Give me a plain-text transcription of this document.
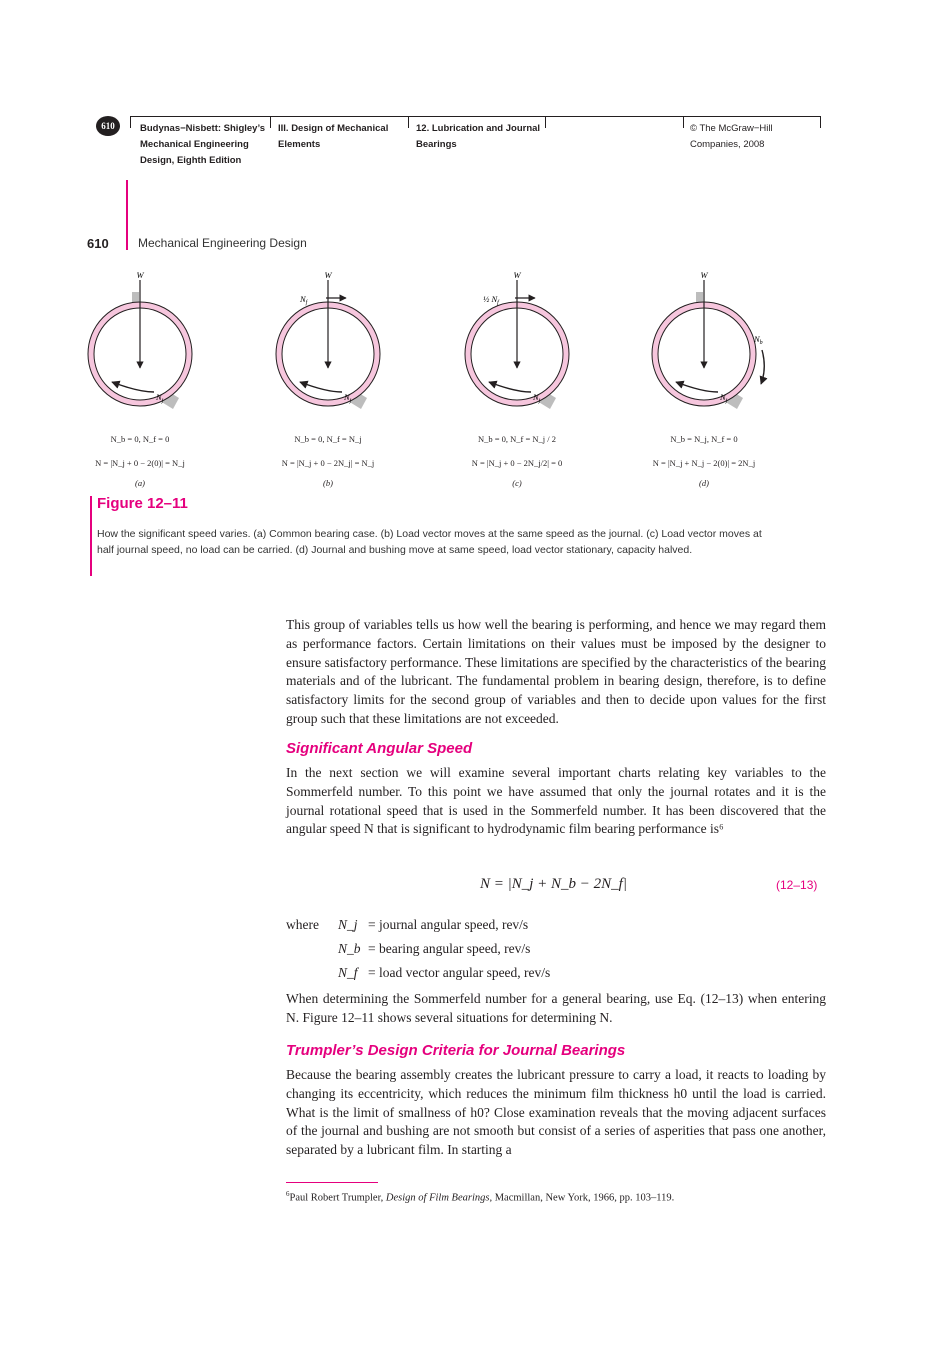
610	Budynas−Nisbett: Shigley’s
Mechanical Engineering
Design, Eighth Edition
III. Design of Mechanical
Elements
12. Lubrication and Journal
Bearings
© The McGraw−Hill
Companies, 2008
610 Mechanical Engineering Design
W
$N_j$
W
$N_f$
$N_j$
W
½ $N_f$
$N_j$
W
$N_b$
$N_j$
N_b = 0, N_f = 0
N = |N_j + 0 − 2(0)| = N_j
(a)
N_b = 0, N_f = N_j
N = |N_j + 0 − 2N_j| = N_j
(b)
N_b = 0, N_f = N_j / 2
N = |N_j + 0 − 2N_j/2| = 0
(c)
N_b = N_j, N_f = 0
N = |N_j + N_j − 2(0)| = 2N_j
(d)
Figure 12–11
How the significant speed varies. (a) Common bearing case. (b) Load vector moves at the same speed as the journal. (c) Load vector moves at half journal speed, no load can be carried. (d) Journal and bushing move at same speed, load vector stationary, capacity halved.
This group of variables tells us how well the bearing is performing, and hence we may regard them as performance factors. Certain limitations on their values must be imposed by the designer to ensure satisfactory performance. These limitations are specified by the characteristics of the bearing materials and of the lubricant. The fundamental problem in bearing design, therefore, is to define satisfactory limits for the second group of variables and then to decide upon values for the first group such that these limitations are not exceeded.
Significant Angular Speed
In the next section we will examine several important charts relating key variables to the Sommerfeld number. To this point we have assumed that only the journal rotates and it is the journal rotational speed that is used in the Sommerfeld number. It has been discovered that the angular speed N that is significant to hydrodynamic film bearing performance is⁶
N = |N_j + N_b − 2N_f|	(12–13)
where N_j = journal angular speed, rev/s
N_b = bearing angular speed, rev/s
N_f = load vector angular speed, rev/s
When determining the Sommerfeld number for a general bearing, use Eq. (12–13) when entering N. Figure 12–11 shows several situations for determining N.
Trumpler’s Design Criteria for Journal Bearings
Because the bearing assembly creates the lubricant pressure to carry a load, it reacts to loading by changing its eccentricity, which reduces the minimum film thickness h0 until the load is carried. What is the limit of smallness of h0? Close examination reveals that the moving adjacent surfaces of the journal and bushing are not smooth but consist of a series of asperities that pass one another, separated by a lubricant film. In starting a
$^6$Paul Robert Trumpler, Design of Film Bearings, Macmillan, New York, 1966, pp. 103–119.
